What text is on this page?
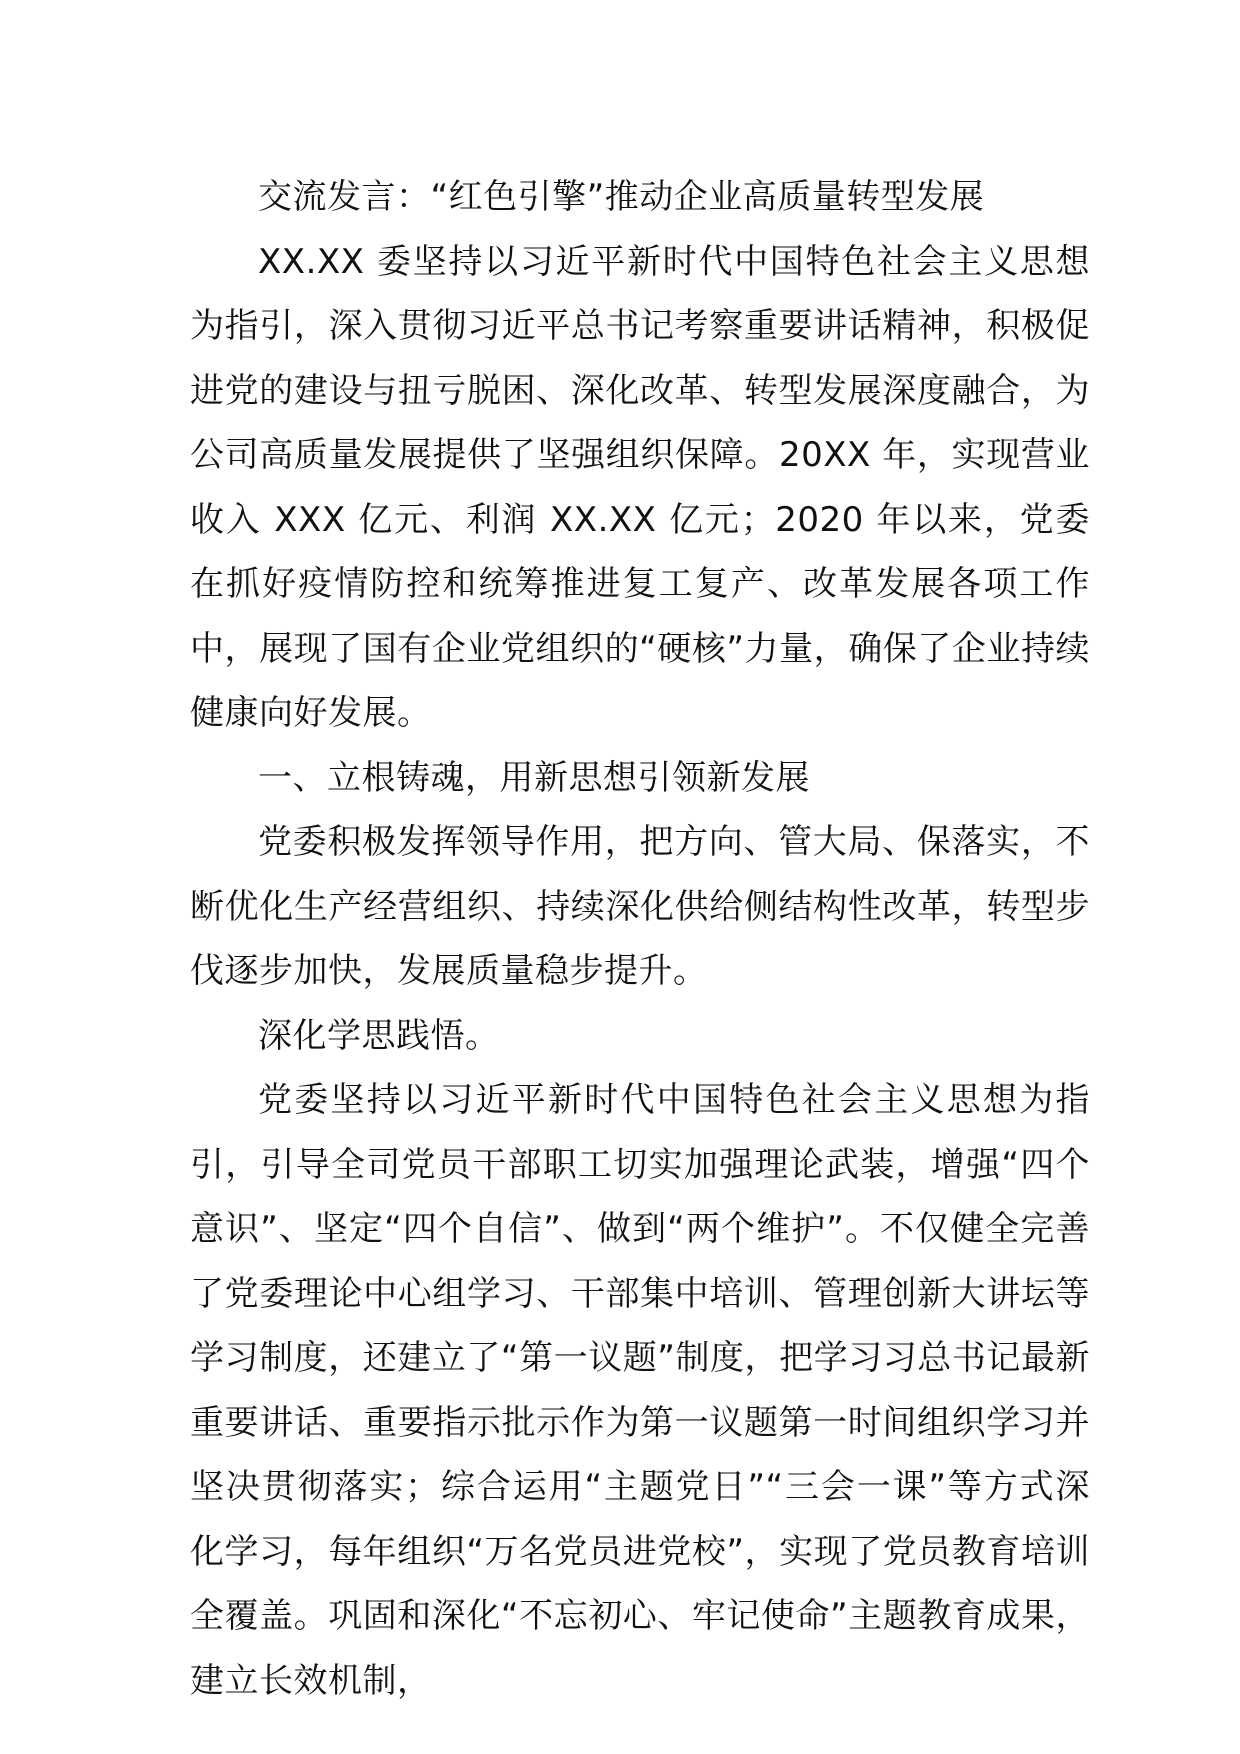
交流发言：“红色引擎”推动企业高质量转型发展

XX.XX 委坚持以习近平新时代中国特色社会主义思想为指引，深入贯彻习近平总书记考察重要讲话精神，积极促进党的建设与扭亏脱困、深化改革、转型发展深度融合，为公司高质量发展提供了坚强组织保障。20XX 年，实现营业收入 XXX 亿元、利润 XX.XX 亿元；2020 年以来，党委在抓好疫情防控和统筹推进复工复产、改革发展各项工作中，展现了国有企业党组织的“硬核”力量，确保了企业持续健康向好发展。

一、立根铸魂，用新思想引领新发展

党委积极发挥领导作用，把方向、管大局、保落实，不断优化生产经营组织、持续深化供给侧结构性改革，转型步伐逐步加快，发展质量稳步提升。

深化学思践悟。

党委坚持以习近平新时代中国特色社会主义思想为指引，引导全司党员干部职工切实加强理论武装，增强“四个意识”、坚定“四个自信”、做到“两个维护”。不仅健全完善了党委理论中心组学习、干部集中培训、管理创新大讲坛等学习制度，还建立了“第一议题”制度，把学习习总书记最新重要讲话、重要指示批示作为第一议题第一时间组织学习并坚决贯彻落实；综合运用“主题党日”“三会一课”等方式深化学习，每年组织“万名党员进党校”，实现了党员教育培训全覆盖。巩固和深化“不忘初心、牢记使命”主题教育成果，建立长效机制，
